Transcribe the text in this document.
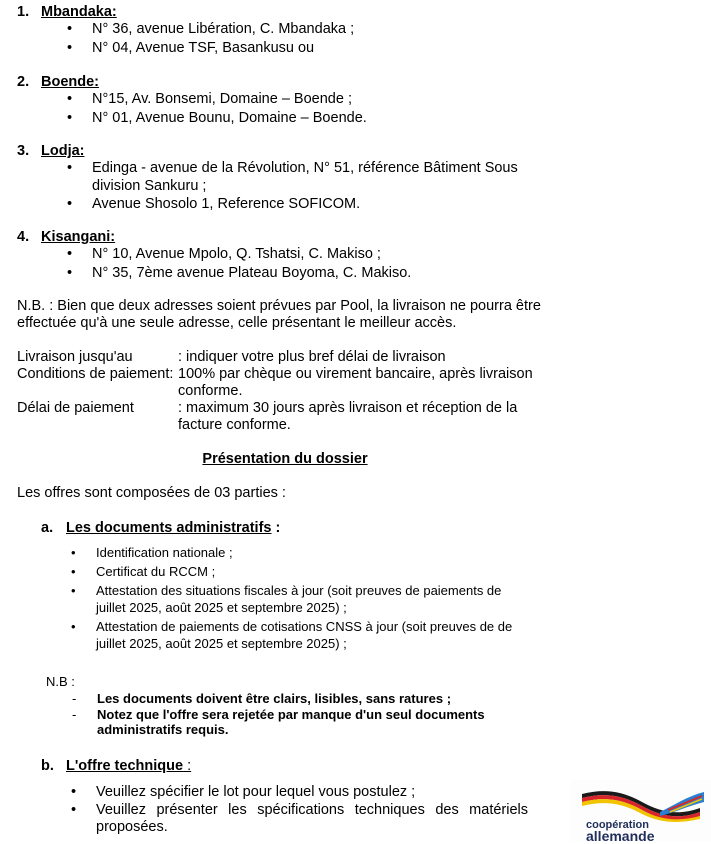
1. Mbandaka:
• N° 36, avenue Libération, C. Mbandaka ;
• N° 04, Avenue TSF, Basankusu ou
2. Boende:
• N°15, Av. Bonsemi, Domaine – Boende ;
• N° 01, Avenue Bounu, Domaine – Boende.
3. Lodja:
• Edinga - avenue de la Révolution, N° 51, référence Bâtiment Sous division Sankuru ;
• Avenue Shosolo 1, Reference SOFICOM.
4. Kisangani:
• N° 10, Avenue Mpolo, Q. Tshatsi, C. Makiso ;
• N° 35, 7ème avenue Plateau Boyoma, C. Makiso.
N.B. : Bien que deux adresses soient prévues par Pool, la livraison ne pourra être effectuée qu'à une seule adresse, celle présentant le meilleur accès.
Livraison jusqu'au	: indiquer votre plus bref délai de livraison
Conditions de paiement: 100% par chèque ou virement bancaire, après livraison conforme.
Délai de paiement	: maximum 30 jours après livraison et réception de la facture conforme.
Présentation du dossier
Les offres sont composées de 03 parties :
a. Les documents administratifs :
• Identification nationale ;
• Certificat du RCCM ;
• Attestation des situations fiscales à jour (soit preuves de paiements de juillet 2025, août 2025 et septembre 2025) ;
• Attestation de paiements de cotisations CNSS à jour (soit preuves de de juillet 2025, août 2025 et septembre 2025) ;
N.B :
- Les documents doivent être clairs, lisibles, sans ratures ;
- Notez que l'offre sera rejetée par manque d'un seul documents administratifs requis.
b. L'offre technique :
• Veuillez spécifier le lot pour lequel vous postulez ;
• Veuillez présenter les spécifications techniques des matériels proposées.	coopération
allemande
